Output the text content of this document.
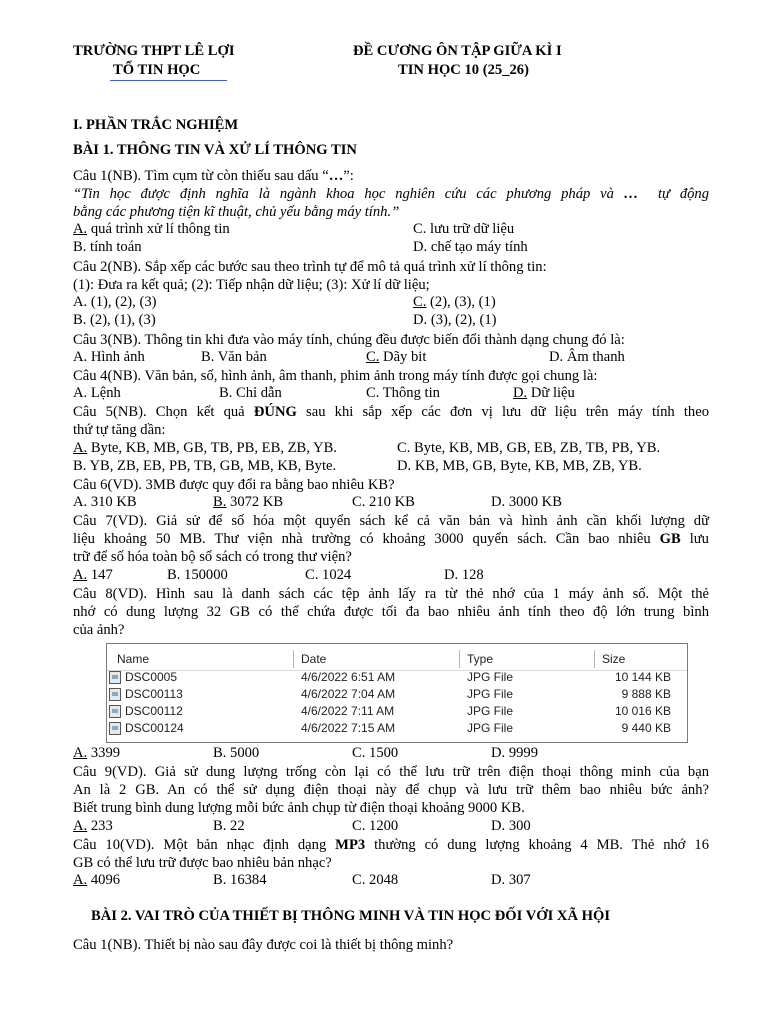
TRƯỜNG THPT LÊ LỢI
TỔ TIN HỌC
ĐỀ CƯƠNG ÔN TẬP GIỮA KÌ I
TIN HỌC 10 (25_26)
I. PHẦN TRẮC NGHIỆM
BÀI 1. THÔNG TIN VÀ XỬ LÍ THÔNG TIN
Câu 1(NB). Tìm cụm từ còn thiếu sau dấu “…”:
“Tin học được định nghĩa là ngành khoa học nghiên cứu các phương pháp và … tự động
bằng các phương tiện kĩ thuật, chủ yếu bằng máy tính.”
A. quá trình xử lí thông tin	C. lưu trữ dữ liệu
B. tính toán	D. chế tạo máy tính
Câu 2(NB). Sắp xếp các bước sau theo trình tự để mô tả quá trình xử lí thông tin:
(1): Đưa ra kết quả; (2): Tiếp nhận dữ liệu; (3): Xử lí dữ liệu;
A. (1), (2), (3)	C. (2), (3), (1)
B. (2), (1), (3)	D. (3), (2), (1)
Câu 3(NB). Thông tin khi đưa vào máy tính, chúng đều được biến đổi thành dạng chung đó là:
A. Hình ảnh	B. Văn bản	C. Dãy bit	D. Âm thanh
Câu 4(NB). Văn bản, số, hình ảnh, âm thanh, phim ảnh trong máy tính được gọi chung là:
A. Lệnh	B. Chỉ dẫn	C. Thông tin	D. Dữ liệu
Câu 5(NB). Chọn kết quả ĐÚNG sau khi sắp xếp các đơn vị lưu dữ liệu trên máy tính theo
thứ tự tăng dần:
A. Byte, KB, MB, GB, TB, PB, EB, ZB, YB.	C. Byte, KB, MB, GB, EB, ZB, TB, PB, YB.
B. YB, ZB, EB, PB, TB, GB, MB, KB, Byte.	D. KB, MB, GB, Byte, KB, MB, ZB, YB.
Câu 6(VD). 3MB được quy đổi ra bằng bao nhiêu KB?
A. 310 KB	B. 3072 KB	C. 210 KB	D. 3000 KB
Câu 7(VD). Giả sử để số hóa một quyển sách kể cả văn bản và hình ảnh cần khối lượng dữ
liệu khoảng 50 MB. Thư viện nhà trường có khoảng 3000 quyển sách. Cần bao nhiêu GB lưu
trữ để số hóa toàn bộ số sách có trong thư viện?
A. 147	B. 150000	C. 1024	D. 128
Câu 8(VD). Hình sau là danh sách các tệp ảnh lấy ra từ thẻ nhớ của 1 máy ảnh số. Một thẻ
nhớ có dung lượng 32 GB có thể chứa được tối đa bao nhiêu ảnh tính theo độ lớn trung bình
của ảnh?
Name	Date	Type	Size
DSC0005	4/6/2022 6:51 AM	JPG File	10 144 KB
DSC00113	4/6/2022 7:04 AM	JPG File	9 888 KB
DSC00112	4/6/2022 7:11 AM	JPG File	10 016 KB
DSC00124	4/6/2022 7:15 AM	JPG File	9 440 KB
A. 3399	B. 5000	C. 1500	D. 9999
Câu 9(VD). Giả sử dung lượng trống còn lại có thể lưu trữ trên điện thoại thông minh của bạn
An là 2 GB. An có thể sử dụng điện thoại này để chụp và lưu trữ thêm bao nhiêu bức ảnh?
Biết trung bình dung lượng mỗi bức ảnh chụp từ điện thoại khoảng 9000 KB.
A. 233	B. 22	C. 1200	D. 300
Câu 10(VD). Một bản nhạc định dạng MP3 thường có dung lượng khoảng 4 MB. Thẻ nhớ 16
GB có thể lưu trữ được bao nhiêu bản nhạc?
A. 4096	B. 16384	C. 2048	D. 307
BÀI 2. VAI TRÒ CỦA THIẾT BỊ THÔNG MINH VÀ TIN HỌC ĐỐI VỚI XÃ HỘI
Câu 1(NB). Thiết bị nào sau đây được coi là thiết bị thông minh?
